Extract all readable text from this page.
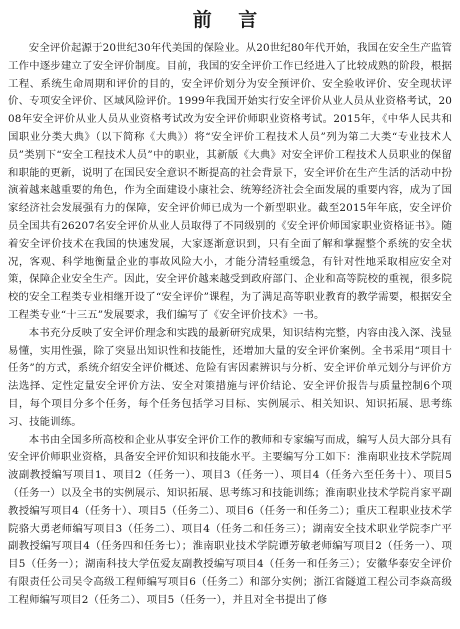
前 言

安全评价起源于20世纪30年代美国的保险业。从20世纪80年代开始，我国在安全生产监管工作中逐步建立了安全评价制度。目前，我国的安全评价工作已经进入了比较成熟的阶段，根据工程、系统生命周期和评价的目的，安全评价划分为安全预评价、安全验收评价、安全现状评价、专项安全评价、区域风险评价。1999年我国开始实行安全评价从业人员从业资格考试，2008年安全评价从业人员从业资格考试改为安全评价师职业资格考试。2015年，《中华人民共和国职业分类大典》（以下简称《大典》）将“安全评价工程技术人员”列为第二大类“专业技术人员”类别下“安全工程技术人员”中的职业，其新版《大典》对安全评价工程技术人员职业的保留和职能的更新，说明了在国民安全意识不断提高的社会背景下，安全评价在生产生活的活动中扮演着越来越重要的角色，作为全面建设小康社会、统筹经济社会全面发展的重要内容，成为了国家经济社会发展强有力的保障，安全评价师已成为一个新型职业。截至2015年年底，安全评价员全国共有26207名安全评价从业人员取得了不同级别的《安全评价师国家职业资格证书》。随着安全评价技术在我国的快速发展，大家逐渐意识到，只有全面了解和掌握整个系统的安全状况，客观、科学地衡量企业的事故风险大小，才能分清轻重缓急，有针对性地采取相应安全对策，保障企业安全生产。因此，安全评价越来越受到政府部门、企业和高等院校的重视，很多院校的安全工程类专业相继开设了“安全评价”课程，为了满足高等职业教育的教学需要，根据安全工程类专业“十三五”发展要求，我们编写了《安全评价技术》一书。

本书充分反映了安全评价理念和实践的最新研究成果，知识结构完整，内容由浅入深、浅显易懂，实用性强，除了突显出知识性和技能性，还增加大量的安全评价案例。全书采用“项目十任务”的方式，系统介绍安全评价概述、危险有害因素辨识与分析、安全评价单元划分与评价方法选择、定性定量安全评价方法、安全对策措施与评价结论、安全评价报告与质量控制6个项目，每个项目分多个任务，每个任务包括学习目标、实例展示、相关知识、知识拓展、思考练习、技能训练。

本书由全国多所高校和企业从事安全评价工作的教师和专家编写而成，编写人员大部分具有安全评价师职业资格，具备安全评价知识和技能水平。主要编写分工如下：淮南职业技术学院周波副教授编写项目1、项目2（任务一）、项目3（任务一）、项目4（任务六至任务十）、项目5（任务一）以及全书的实例展示、知识拓展、思考练习和技能训练；淮南职业技术学院肖家平副教授编写项目4（任务十）、项目5（任务二）、项目6（任务一和任务二）；重庆工程职业技术学院骆大勇老师编写项目3（任务二）、项目4（任务二和任务三）；湖南安全技术职业学院李广平副教授编写项目4（任务四和任务七）；淮南职业技术学院谭芳敏老师编写项目2（任务一）、项目5（任务一）；湖南科技大学伍爱友副教授编写项目4（任务一和任务三）；安徽华泰安全评价有限责任公司吴令高级工程师编写项目6（任务二）和部分实例；浙江省隧道工程公司李焱高级工程师编写项目2（任务二）、项目5（任务一），并且对全书提出了修
